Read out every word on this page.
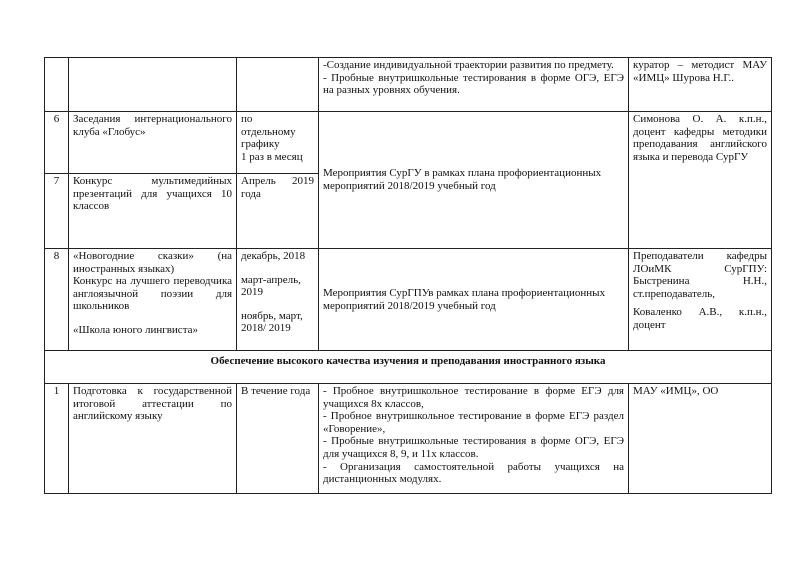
			-Создание индивидуальной траектории развития по предмету.
- Пробные внутришкольные тестирования в форме ОГЭ, ЕГЭ на разных уровнях обучения.	куратор – методист МАУ «ИМЦ» Шурова Н.Г..
6	Заседания интернационального клуба «Глобус»	по
отдельному
графику
1 раз в месяц	Мероприятия СурГУ в рамках плана профориентационных мероприятий 2018/2019 учебный год	Симонова О. А. к.п.н., доцент кафедры методики преподавания английского языка и перевода СурГУ
7	Конкурс мультимедийных презентаций для учащихся 10 классов	Апрель 2019 года		
8	«Новогодние сказки» (на иностранных языках)
Конкурс на лучшего переводчика англоязычной поэзии для школьников
«Школа юного лингвиста»	декабрь, 2018
март-апрель, 2019
ноябрь, март, 2018/ 2019	Мероприятия СурГПУв рамках плана профориентационных мероприятий 2018/2019 учебный год	Преподаватели кафедры ЛОиМК СурГПУ: Быстренина Н.Н., ст.преподаватель,
Коваленко А.В., к.п.н., доцент

Обеспечение высокого качества изучения и преподавания иностранного языка				
1	Подготовка к государственной итоговой аттестации по английскому языку	В течение года	- Пробное внутришкольное тестирование в форме ЕГЭ для учащихся 8х классов,
- Пробное внутришкольное тестирование в форме ЕГЭ раздел «Говорение»,
- Пробные внутришкольные тестирования в форме ОГЭ, ЕГЭ для учащихся 8, 9, и 11х классов.
- Организация самостоятельной работы учащихся на дистанционных модулях.	МАУ «ИМЦ», ОО
